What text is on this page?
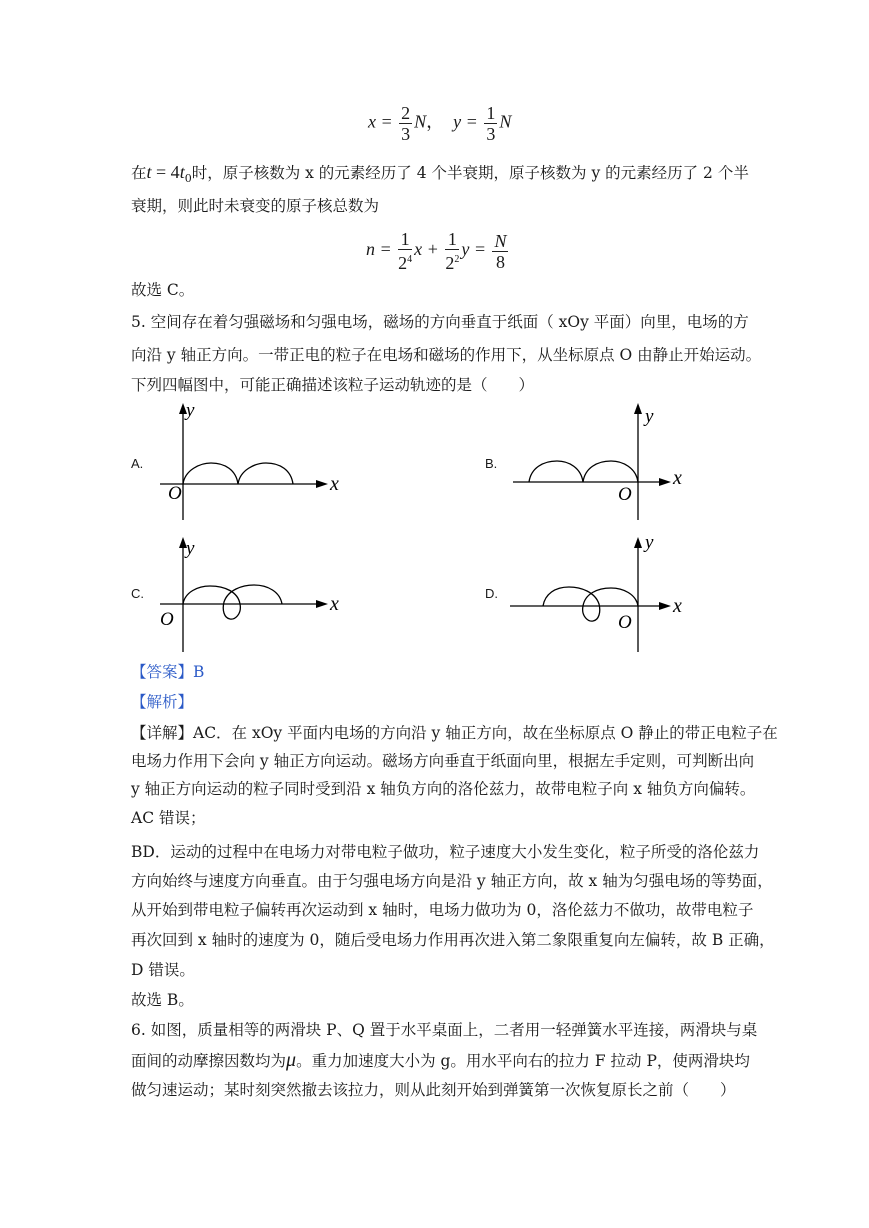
$x = \frac{2}{3}$ N， $y = \frac{1}{3}$ N
在$t = 4t_0$时，原子核数为 x 的元素经历了 4 个半衰期，原子核数为 y 的元素经历了 2 个半
衰期，则此时未衰变的原子核总数为
$n = \frac{1}{2^4}$ $x + \frac{1}{2^2}$ $y = \frac{N}{8}$
故选 C。
5. 空间存在着匀强磁场和匀强电场，磁场的方向垂直于纸面（ xOy 平面）向里，电场的方
向沿 y 轴正方向。一带正电的粒子在电场和磁场的作用下，从坐标原点 O 由静止开始运动。
下列四幅图中，可能正确描述该粒子运动轨迹的是（　　）
A.	B.
C.	D.
y
x
O
y
x
O
y
x
O
y
x
O
【答案】B
【解析】
【详解】AC．在 xOy 平面内电场的方向沿 y 轴正方向，故在坐标原点 O 静止的带正电粒子在
电场力作用下会向 y 轴正方向运动。磁场方向垂直于纸面向里，根据左手定则，可判断出向
y 轴正方向运动的粒子同时受到沿 x 轴负方向的洛伦兹力，故带电粒子向 x 轴负方向偏转。
AC 错误；
BD．运动的过程中在电场力对带电粒子做功，粒子速度大小发生变化，粒子所受的洛伦兹力
方向始终与速度方向垂直。由于匀强电场方向是沿 y 轴正方向，故 x 轴为匀强电场的等势面，
从开始到带电粒子偏转再次运动到 x 轴时，电场力做功为 0，洛伦兹力不做功，故带电粒子
再次回到 x 轴时的速度为 0，随后受电场力作用再次进入第二象限重复向左偏转，故 B 正确，
D 错误。
故选 B。
6. 如图，质量相等的两滑块 P、Q 置于水平桌面上，二者用一轻弹簧水平连接，两滑块与桌
面间的动摩擦因数均为μ。重力加速度大小为 g。用水平向右的拉力 F 拉动 P，使两滑块均
做匀速运动；某时刻突然撤去该拉力，则从此刻开始到弹簧第一次恢复原长之前（　　）
